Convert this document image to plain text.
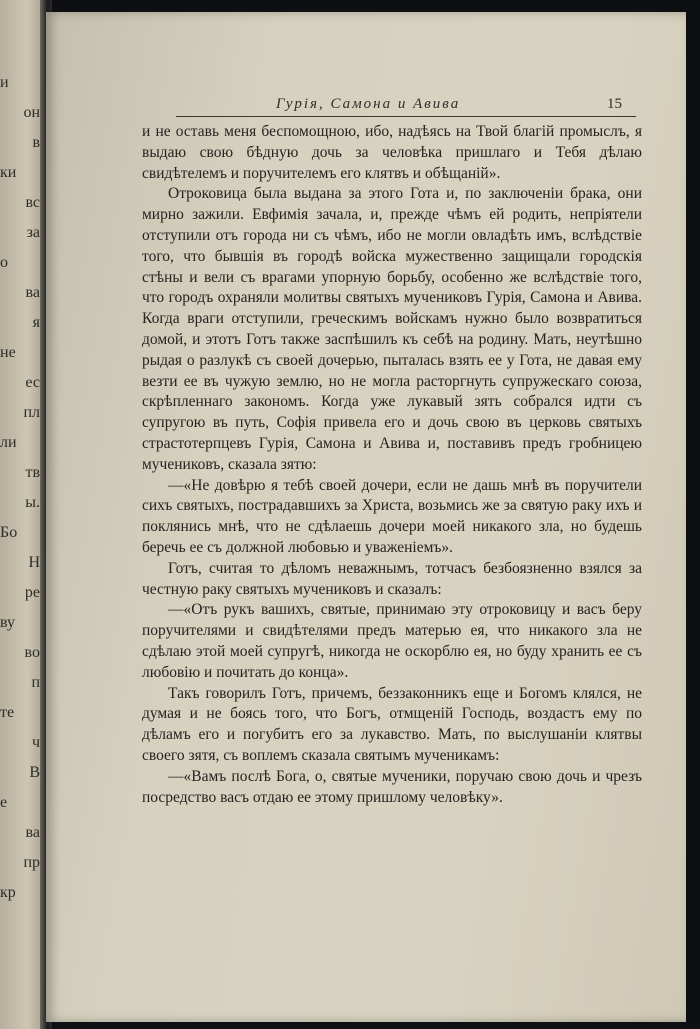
и
он
в
ки
вс
за
о
ва
я
не
ес
пл
ли
тв
ы.
Бо
Н
ре
ву
во
п
те
ч
В
е
ва
пр
кр
Гурія, Самона и Авива	15

и не оставь меня беспомощною, ибо, надѣясь на Твой благій промыслъ, я выдаю свою бѣдную дочь за человѣка пришлаго и Тебя дѣлаю свидѣтелемъ и поручителемъ его клятвъ и обѣщаній».

Отроковица была выдана за этого Гота и, по заключеніи брака, они мирно зажили. Евфимія зачала, и, прежде чѣмъ ей родить, непріятели отступили отъ города ни съ чѣмъ, ибо не могли овладѣть имъ, вслѣдствіе того, что бывшія въ городѣ войска мужественно защищали городскія стѣны и вели съ врагами упорную борьбу, особенно же вслѣдствіе того, что городъ охраняли молитвы святыхъ мучениковъ Гурія, Самона и Авива. Когда враги отступили, греческимъ войскамъ нужно было возвратиться домой, и этотъ Готъ также заспѣшилъ къ себѣ на родину. Мать, неутѣшно рыдая о разлукѣ съ своей дочерью, пыталась взять ее у Гота, не давая ему везти ее въ чужую землю, но не могла расторгнуть супружескаго союза, скрѣпленнаго закономъ. Когда уже лукавый зять собрался идти съ супругою въ путь, Софія привела его и дочь свою въ церковь святыхъ страстотерпцевъ Гурія, Самона и Авива и, поставивъ предъ гробницею мучениковъ, сказала зятю:

—«Не довѣрю я тебѣ своей дочери, если не дашь мнѣ въ поручители сихъ святыхъ, пострадавшихъ за Христа, возьмись же за святую раку ихъ и поклянись мнѣ, что не сдѣлаешь дочери моей никакого зла, но будешь беречь ее съ должной любовью и уваженіемъ».

Готъ, считая то дѣломъ неважнымъ, тотчасъ безбоязненно взялся за честную раку святыхъ мучениковъ и сказалъ:

—«Отъ рукъ вашихъ, святые, принимаю эту отроковицу и васъ беру поручителями и свидѣтелями предъ матерью ея, что никакого зла не сдѣлаю этой моей супругѣ, никогда не оскорблю ея, но буду хранить ее съ любовію и почитать до конца».

Такъ говорилъ Готъ, причемъ, беззаконникъ еще и Богомъ клялся, не думая и не боясь того, что Богъ, отмщеній Господь, воздастъ ему по дѣламъ его и погубитъ его за лукавство. Мать, по выслушаніи клятвы своего зятя, съ воплемъ сказала святымъ мученикамъ:

—«Вамъ послѣ Бога, о, святые мученики, поручаю свою дочь и чрезъ посредство васъ отдаю ее этому пришлому человѣку».
